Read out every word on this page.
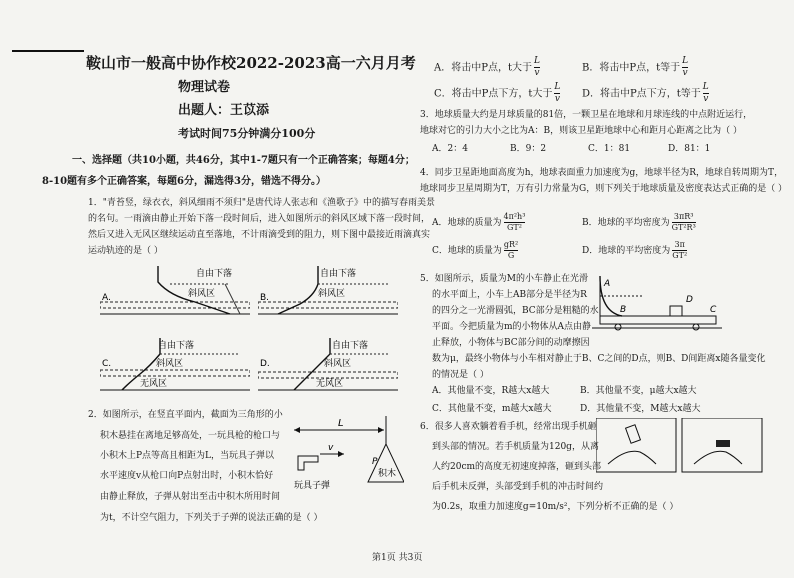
鞍山市一般高中协作校2022-2023高一六月月考
物理试卷
出题人：王苡添
考试时间75分钟满分100分
一、选择题（共10小题，共46分，其中1-7题只有一个正确答案；每题4分；
8-10题有多个正确答案，每题6分，漏选得3分，错选不得分。）
1．"青苔竖，绿衣衣，斜风细雨不须归"是唐代诗人张志和《渔歌子》中的描写春雨美景
的名句。一雨滴由静止开始下落一段时间后，进入如图所示的斜风区域下落一段时间，
然后又进入无风区继续运动直至落地，不计雨滴受到的阻力，则下图中最接近雨滴真实
运动轨迹的是（ ）
自由下落
斜风区
A.
自由下落
斜风区
B.
自由下落
斜风区
无风区
C.
自由下落
斜风区
无风区
D.
2．如图所示，在竖直平面内，截面为三角形的小
积木悬挂在离地足够高处，一玩具枪的枪口与
小积木上P点等高且相距为L，当玩具子弹以
水平速度v从枪口向P点射出时，小积木恰好
由静止释放，子弹从射出至击中积木所用时间
为t，不计空气阻力，下列关于子弹的说法正确的是（ ）
L
积木
P
v
玩具子弹
A．将击中P点，t大于 $\frac{L}{v}$	B．将击中P点，t等于 $\frac{L}{v}$
C．将击中P点下方，t大于 $\frac{L}{v}$ D．将击中P点下方，t等于 $\frac{L}{v}$
3．地球质量大约是月球质量的81倍，一颗卫星在地球和月球连线的中点附近运行，
地球对它的引力大小之比为A：B，则该卫星距地球中心和距月心距离之比为（ ）
A．2：4	B．9：2	C．1：81	D．81：1
4．同步卫星距地面高度为h，地球表面重力加速度为g，地球半径为R，地球自转周期为T，
地球同步卫星周期为T，万有引力常量为G，则下列关于地球质量及密度表达式正确的是（ ）
A．地球的质量为 $\frac{\text{4π²h³}}{\text{GT²}}$	B．地球的平均密度为 $\frac{\text{3πR³}}{\text{GT²R³}}$
C．地球的质量为 $\frac{\text{gR²}}{G}$	D．地球的平均密度为 $\frac{3\pi}{\text{GT²}}$
5．如图所示，质量为M的小车静止在光滑
的水平面上，小车上AB部分是半径为R
的四分之一光滑圆弧，BC部分是粗糙的水
平面。今把质量为m的小物体从A点由静
止释放，小物体与BC部分间的动摩擦因
数为μ，最终小物体与小车相对静止于B、C之间的D点，则B、D间距离x随各量变化
的情况是（ ）
A．其他量不变，R越大x越大	B．其他量不变，μ越大x越大
C．其他量不变，m越大x越大	D．其他量不变，M越大x越大
A
B
D
C
6．很多人喜欢躺着看手机，经常出现手机砸
到头部的情况。若手机质量为120g，从离
人约20cm的高度无初速度掉落，砸到头部
后手机未反弹，头部受到手机的冲击时间约
为0.2s，取重力加速度g=10m/s²，下列分析不正确的是（ ）
第1页 共3页
